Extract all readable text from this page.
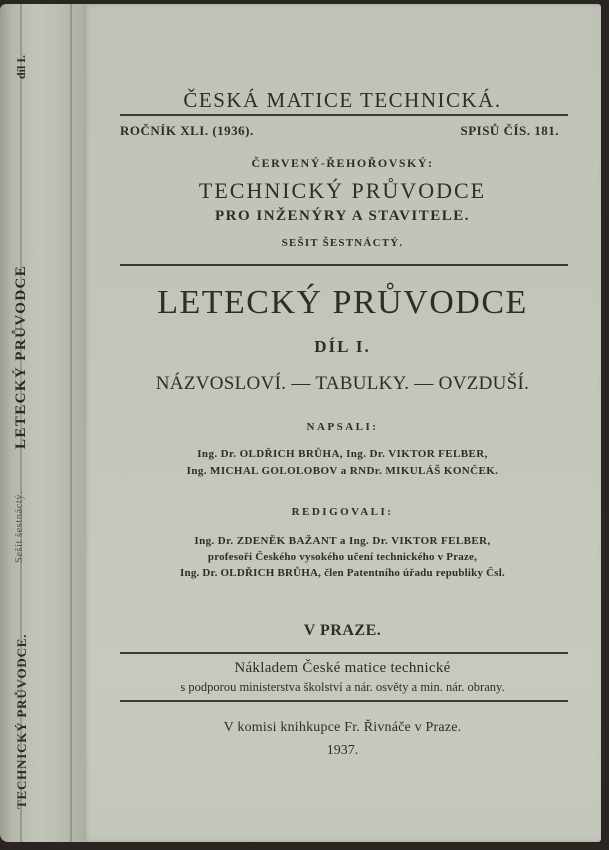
TECHNICKÝ PRŮVODCE.
Sešit šestnáctý.
LETECKÝ PRŮVODCE
díl I.
ČESKÁ MATICE TECHNICKÁ.
ROČNÍK XLI. (1936).	SPISŮ ČÍS. 181.
ČERVENÝ-ŘEHOŘOVSKÝ:
TECHNICKÝ PRŮVODCE
PRO INŽENÝRY A STAVITELE.
SEŠIT ŠESTNÁCTÝ.
LETECKÝ PRŮVODCE
DÍL I.
NÁZVOSLOVÍ. — TABULKY. — OVZDUŠÍ.
NAPSALI:
Ing. Dr. OLDŘICH BRŮHA, Ing. Dr. VIKTOR FELBER,
Ing. MICHAL GOLOLOBOV a RNDr. MIKULÁŠ KONČEK.
REDIGOVALI:
Ing. Dr. ZDENĚK BAŽANT a Ing. Dr. VIKTOR FELBER,
profesoři Českého vysokého učení technického v Praze,
Ing. Dr. OLDŘICH BRŮHA, člen Patentního úřadu republiky Čsl.
V PRAZE.
Nákladem České matice technické
s podporou ministerstva školství a nár. osvěty a min. nár. obrany.
V komisi knihkupce Fr. Řivnáče v Praze.
1937.
